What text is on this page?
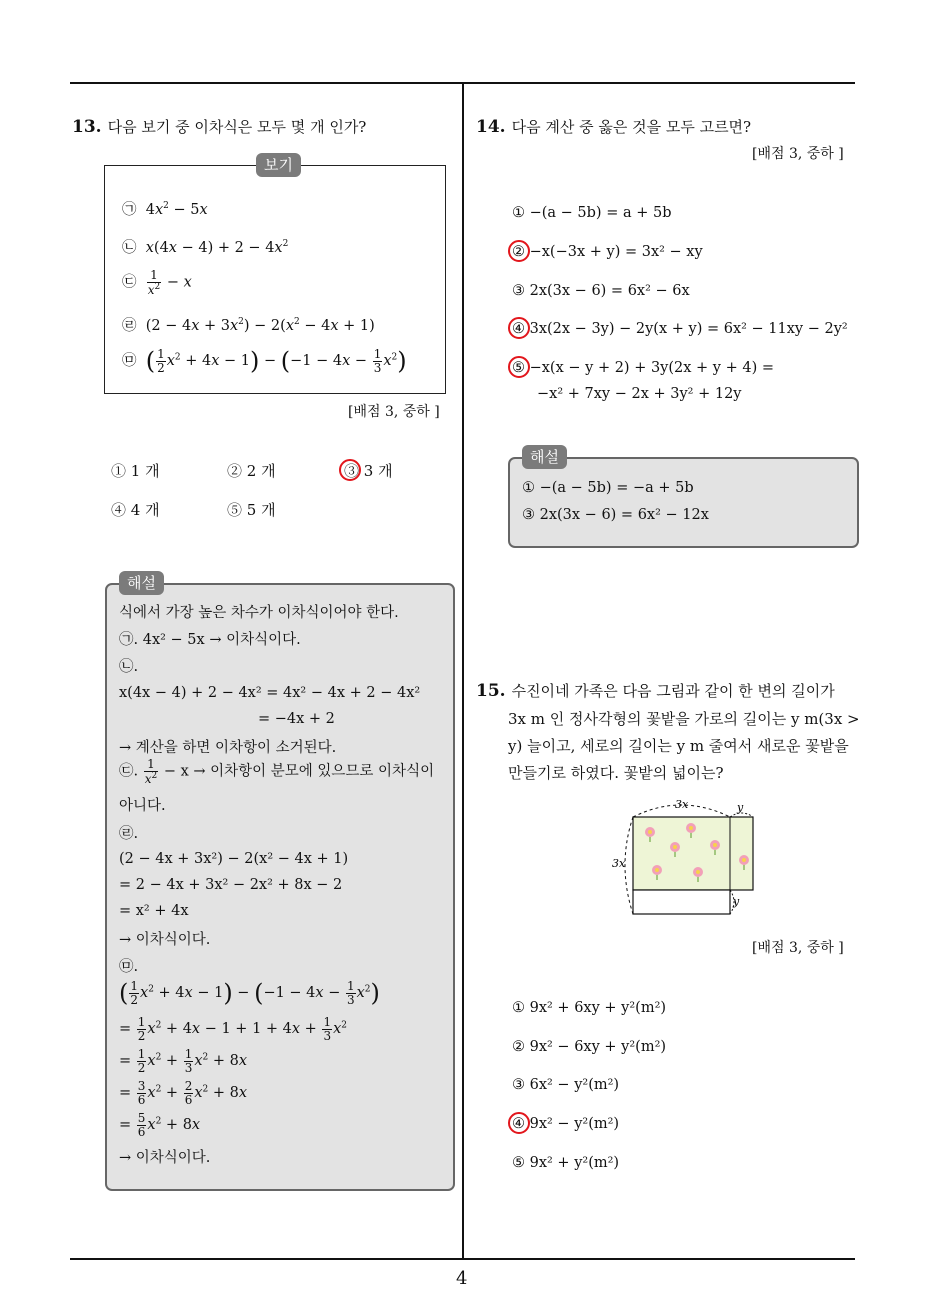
4
13. 다음 보기 중 이차식은 모두 몇 개 인가?
보기
㉠  $4x^2 - 5x$
㉡  $x(4x - 4) + 2 - 4x^2$
㉢ $\frac{1}{x^2} - x$
㉣  $(2 - 4x + 3x^2) - 2(x^2 - 4x + 1)$
㉤  ( $\frac{1}{2} x^2 + 4x - 1) - (-1 - 4x - \frac{1}{3} x^2)$
[배점 3, 중하 ]
① 1 개	② 2 개	③ 3 개
④ 4 개	⑤ 5 개
해설
식에서 가장 높은 차수가 이차식이어야 한다.
㉠. 4x² − 5x → 이차식이다.
㉡.
x(4x − 4) + 2 − 4x² = 4x² − 4x + 2 − 4x²
= −4x + 2
→ 계산을 하면 이차항이 소거된다.
㉢. $\frac{1}{x^2} - x$ → 이차항이 분모에 있으므로 이차식이
아니다.
㉣.
(2 − 4x + 3x²) − 2(x² − 4x + 1)
= 2 − 4x + 3x² − 2x² + 8x − 2
= x² + 4x
→ 이차식이다.
㉤.
( $\frac{1}{2} x^2 + 4x - 1) - (-1 - 4x - \frac{1}{3} x^2)$
= $\frac{1}{2} x^2 + 4x - 1 + 1 + 4x + \frac{1}{3} x^2$
= $\frac{1}{2} x^2 + \frac{1}{3} x^2 + 8x$
= $\frac{3}{6} x^2 + \frac{2}{6} x^2 + 8x$
= $\frac{5}{6} x^2 + 8x$
→ 이차식이다.
14. 다음 계산 중 옳은 것을 모두 고르면?
[배점 3, 중하 ]
① −(a − 5b) = a + 5b
② −x(−3x + y) = 3x² − xy
③ 2x(3x − 6) = 6x² − 6x
④ 3x(2x − 3y) − 2y(x + y) = 6x² − 11xy − 2y²
⑤ −x(x − y + 2) + 3y(2x + y + 4) =
−x² + 7xy − 2x + 3y² + 12y
해설
① −(a − 5b) = −a + 5b
③ 2x(3x − 6) = 6x² − 12x
15. 수진이네 가족은 다음 그림과 같이 한 변의 길이가
3x m 인 정사각형의 꽃밭을 가로의 길이는 y m(3x >
y) 늘이고, 세로의 길이는 y m 줄여서 새로운 꽃밭을
만들기로 하였다. 꽃밭의 넓이는?
3x	y
3x
y
[배점 3, 중하 ]
① 9x² + 6xy + y²(m²)
② 9x² − 6xy + y²(m²)
③ 6x² − y²(m²)
④ 9x² − y²(m²)
⑤ 9x² + y²(m²)
